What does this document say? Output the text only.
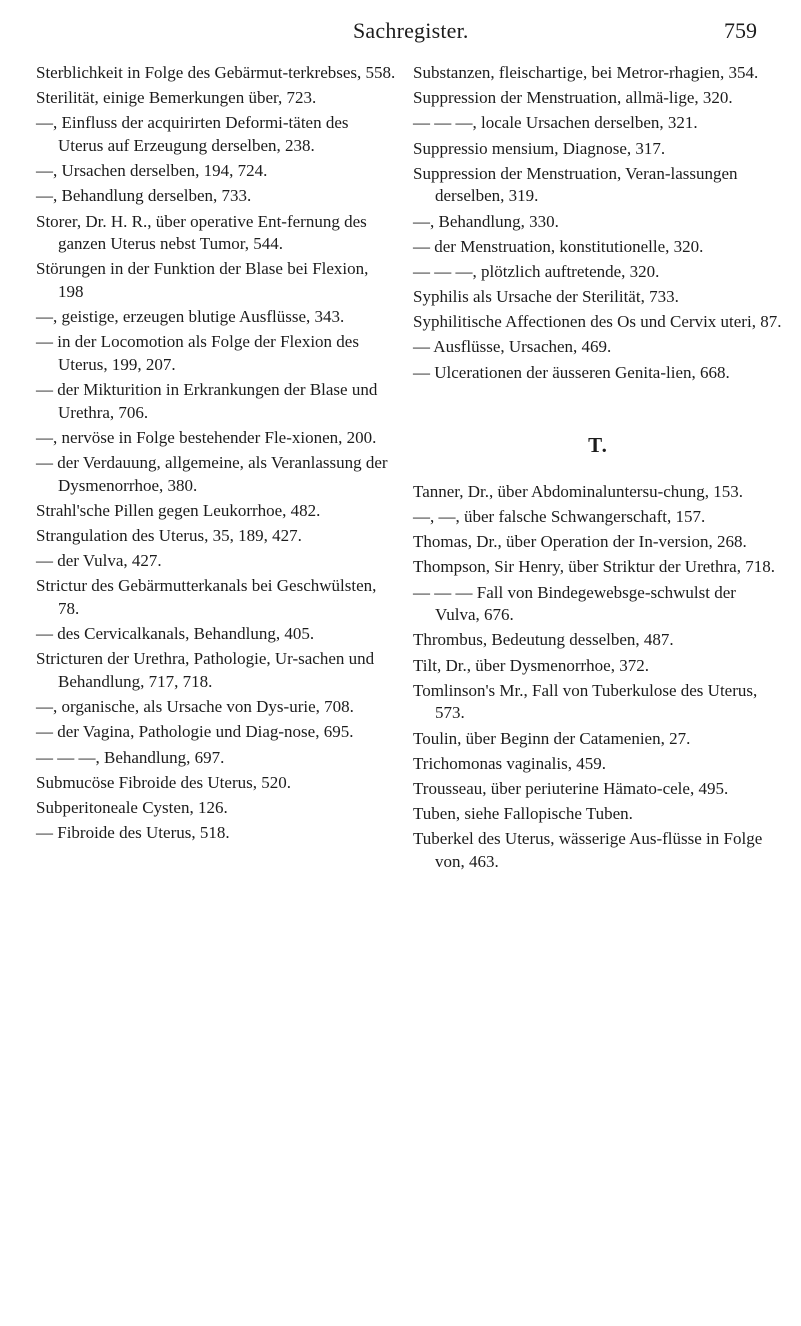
Sachregister.	759
Sterblichkeit in Folge des Gebärmut-terkrebses, 558.
Sterilität, einige Bemerkungen über, 723.
—, Einfluss der acquirirten Deformi-täten des Uterus auf Erzeugung derselben, 238.
—, Ursachen derselben, 194, 724.
—, Behandlung derselben, 733.
Storer, Dr. H. R., über operative Ent-fernung des ganzen Uterus nebst Tumor, 544.
Störungen in der Funktion der Blase bei Flexion, 198
—, geistige, erzeugen blutige Ausflüsse, 343.
— in der Locomotion als Folge der Flexion des Uterus, 199, 207.
— der Mikturition in Erkrankungen der Blase und Urethra, 706.
—, nervöse in Folge bestehender Fle-xionen, 200.
— der Verdauung, allgemeine, als Veranlassung der Dysmenorrhoe, 380.
Strahl'sche Pillen gegen Leukorrhoe, 482.
Strangulation des Uterus, 35, 189, 427.
— der Vulva, 427.
Strictur des Gebärmutterkanals bei Geschwülsten, 78.
— des Cervicalkanals, Behandlung, 405.
Stricturen der Urethra, Pathologie, Ur-sachen und Behandlung, 717, 718.
—, organische, als Ursache von Dys-urie, 708.
— der Vagina, Pathologie und Diag-nose, 695.
— — —, Behandlung, 697.
Submucöse Fibroide des Uterus, 520.
Subperitoneale Cysten, 126.
— Fibroide des Uterus, 518.
Substanzen, fleischartige, bei Metror-rhagien, 354.
Suppression der Menstruation, allmä-lige, 320.
— — —, locale Ursachen derselben, 321.
Suppressio mensium, Diagnose, 317.
Suppression der Menstruation, Veran-lassungen derselben, 319.
—, Behandlung, 330.
— der Menstruation, konstitutionelle, 320.
— — —, plötzlich auftretende, 320.
Syphilis als Ursache der Sterilität, 733.
Syphilitische Affectionen des Os und Cervix uteri, 87.
— Ausflüsse, Ursachen, 469.
— Ulcerationen der äusseren Genita-lien, 668.
T.
Tanner, Dr., über Abdominaluntersu-chung, 153.
—, —, über falsche Schwangerschaft, 157.
Thomas, Dr., über Operation der In-version, 268.
Thompson, Sir Henry, über Striktur der Urethra, 718.
— — — Fall von Bindegewebsge-schwulst der Vulva, 676.
Thrombus, Bedeutung desselben, 487.
Tilt, Dr., über Dysmenorrhoe, 372.
Tomlinson's Mr., Fall von Tuberkulose des Uterus, 573.
Toulin, über Beginn der Catamenien, 27.
Trichomonas vaginalis, 459.
Trousseau, über periuterine Hämato-cele, 495.
Tuben, siehe Fallopische Tuben.
Tuberkel des Uterus, wässerige Aus-flüsse in Folge von, 463.
